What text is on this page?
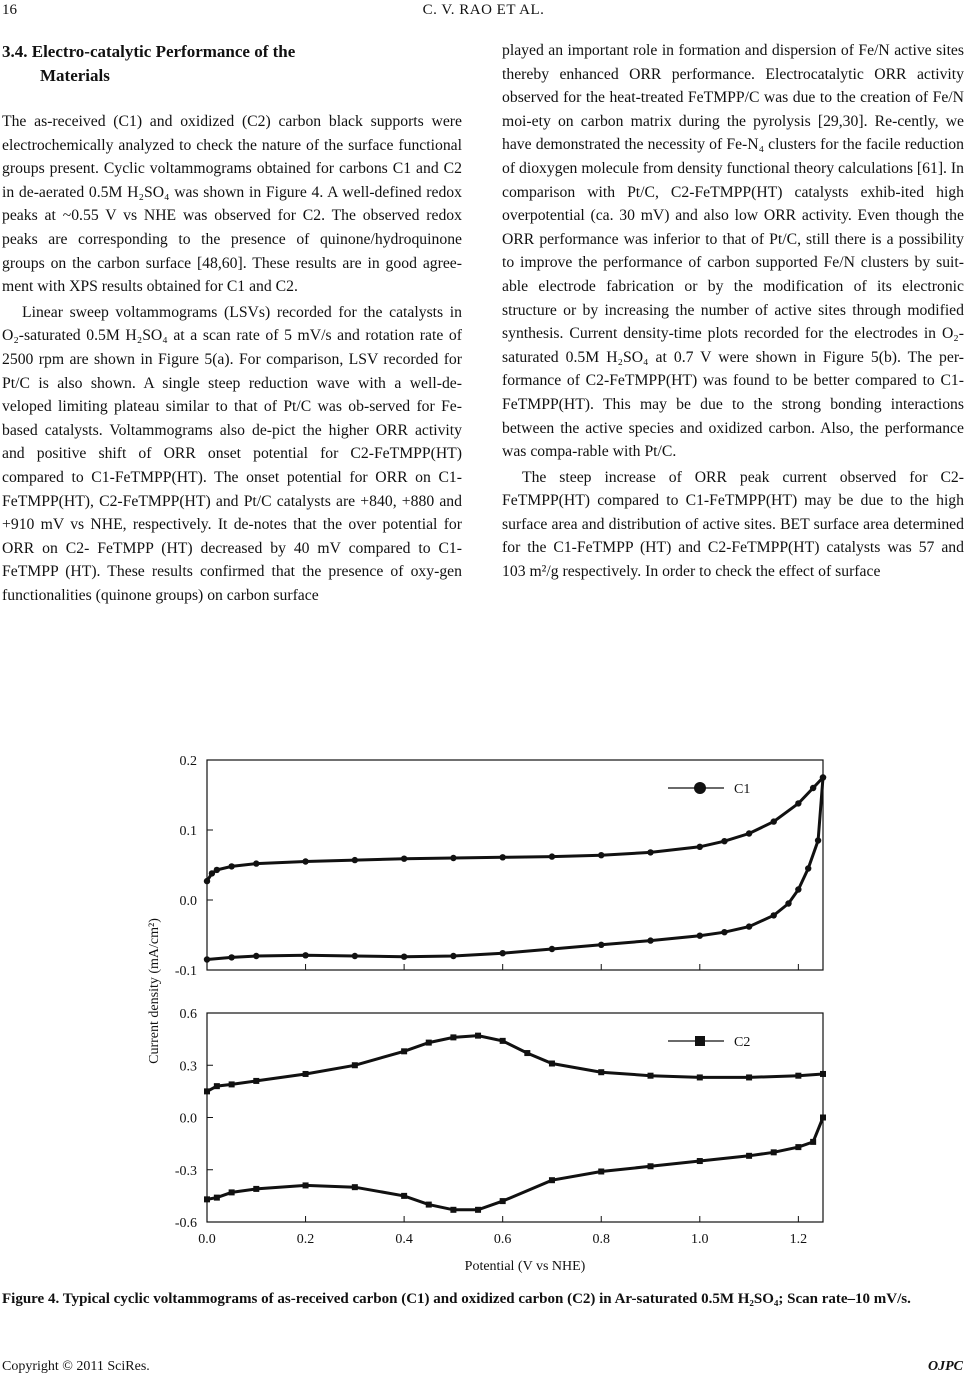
16	C. V. RAO ET AL.
3.4. Electro-catalytic Performance of the
Materials

The as-received (C1) and oxidized (C2) carbon black supports were electrochemically analyzed to check the nature of the surface functional groups present. Cyclic voltammograms obtained for carbons C1 and C2 in de-aerated 0.5M H₂SO₄ was shown in Figure 4. A well-defined redox peaks at ~0.55 V vs NHE was observed for C2. The observed redox peaks are corresponding to the presence of quinone/hydroquinone groups on the carbon surface [48,60]. These results are in good agree-ment with XPS results obtained for C1 and C2.

Linear sweep voltammograms (LSVs) recorded for the catalysts in O₂-saturated 0.5M H₂SO₄ at a scan rate of 5 mV/s and rotation rate of 2500 rpm are shown in Figure 5(a). For comparison, LSV recorded for Pt/C is also shown. A single steep reduction wave with a well-de-veloped limiting plateau similar to that of Pt/C was ob-served for Fe-based catalysts. Voltammograms also de-pict the higher ORR activity and positive shift of ORR onset potential for C2-FeTMPP(HT) compared to C1-FeTMPP(HT). The onset potential for ORR on C1-FeTMPP(HT), C2-FeTMPP(HT) and Pt/C catalysts are +840, +880 and +910 mV vs NHE, respectively. It de-notes that the over potential for ORR on C2- FeTMPP (HT) decreased by 40 mV compared to C1-FeTMPP (HT). These results confirmed that the presence of oxy-gen functionalities (quinone groups) on carbon surface

played an important role in formation and dispersion of Fe/N active sites thereby enhanced ORR performance. Electrocatalytic ORR activity observed for the heat-treated FeTMPP/C was due to the creation of Fe/N moi-ety on carbon matrix during the pyrolysis [29,30]. Re-cently, we have demonstrated the necessity of Fe-N₄ clusters for the facile reduction of dioxygen molecule from density functional theory calculations [61]. In comparison with Pt/C, C2-FeTMPP(HT) catalysts exhib-ited high overpotential (ca. 30 mV) and also low ORR activity. Even though the ORR performance was inferior to that of Pt/C, still there is a possibility to improve the performance of carbon supported Fe/N clusters by suit-able electrode fabrication or by the modification of its electronic structure or by increasing the number of active sites through modified synthesis. Current density-time plots recorded for the electrodes in O₂-saturated 0.5M H₂SO₄ at 0.7 V were shown in Figure 5(b). The per-formance of C2-FeTMPP(HT) was found to be better compared to C1-FeTMPP(HT). This may be due to the strong bonding interactions between the active species and oxidized carbon. Also, the performance was compa-rable with Pt/C.

The steep increase of ORR peak current observed for C2-FeTMPP(HT) compared to C1-FeTMPP(HT) may be due to the high surface area and distribution of active sites. BET surface area determined for the C1-FeTMPP (HT) and C2-FeTMPP(HT) catalysts was 57 and 103 m²/g respectively. In order to check the effect of surface

0.2
0.1
0.0
-0.1
C1
0.6
0.3
0.0
-0.3
-0.6
C2
0.0	0.2	0.4	0.6	0.8	1.0	1.2
Potential (V vs NHE)
Current density (mA/cm²)
Figure 4. Typical cyclic voltammograms of as-received carbon (C1) and oxidized carbon (C2) in Ar-saturated 0.5M H₂SO₄; Scan rate–10 mV/s.
Copyright © 2011 SciRes.	OJPC
